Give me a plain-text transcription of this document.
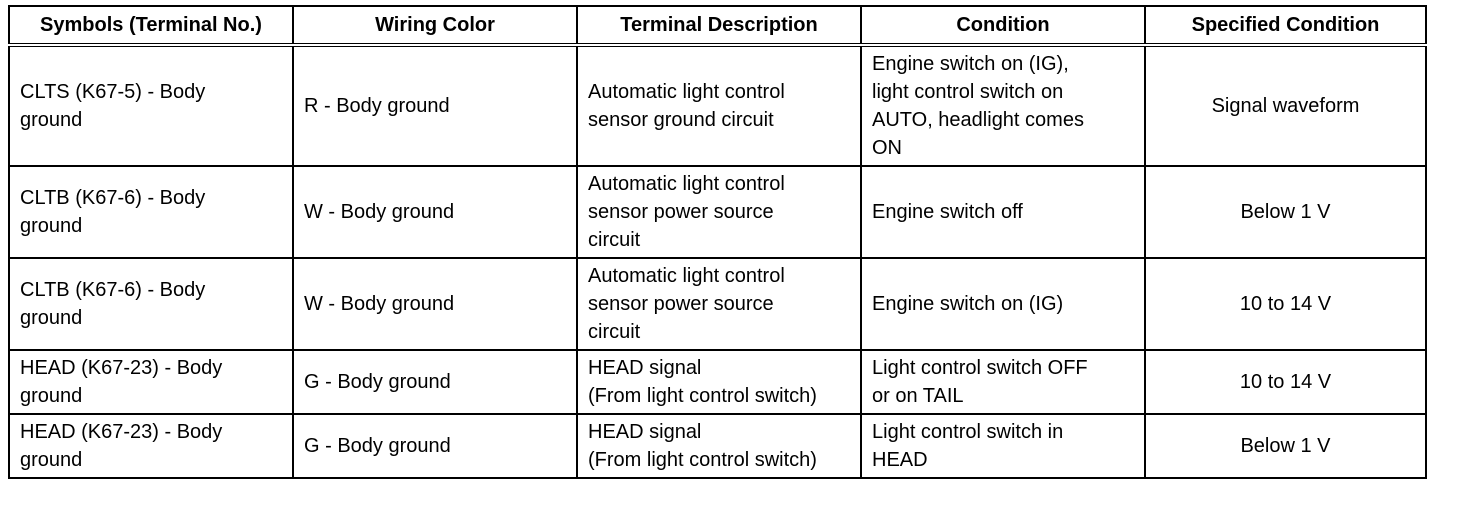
Symbols (Terminal No.)	Wiring Color	Terminal Description	Condition	Specified Condition

CLTS (K67-5) - Body
ground	R - Body ground	Automatic light control
sensor ground circuit	Engine switch on (IG),
light control switch on
AUTO, headlight comes
ON	Signal waveform

CLTB (K67-6) - Body
ground	W - Body ground	Automatic light control
sensor power source
circuit	Engine switch off	Below 1 V

CLTB (K67-6) - Body
ground	W - Body ground	Automatic light control
sensor power source
circuit	Engine switch on (IG)	10 to 14 V

HEAD (K67-23) - Body
ground	G - Body ground	HEAD signal
(From light control switch)	Light control switch OFF
or on TAIL	10 to 14 V

HEAD (K67-23) - Body
ground	G - Body ground	HEAD signal
(From light control switch)	Light control switch in
HEAD	Below 1 V
